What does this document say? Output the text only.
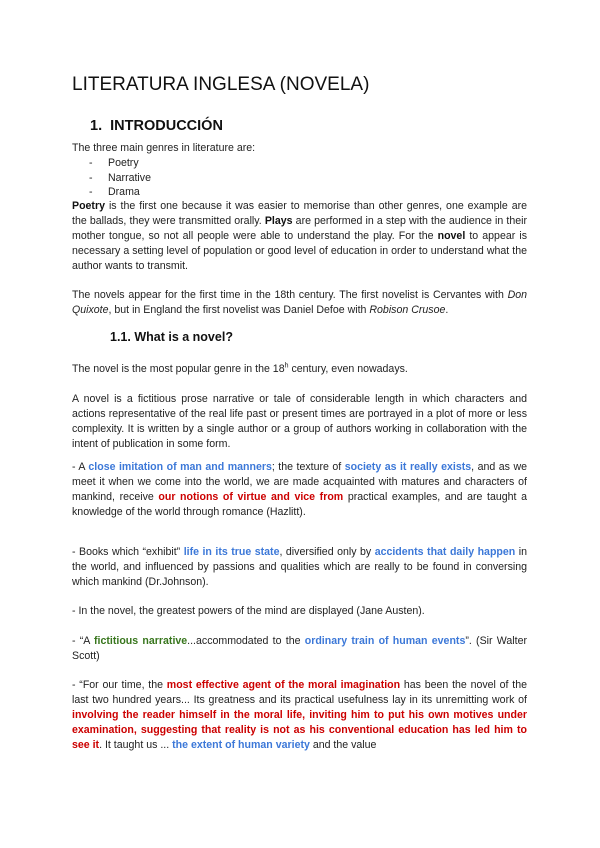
LITERATURA INGLESA (NOVELA)
1. INTRODUCCIÓN
The three main genres in literature are:
- Poetry
- Narrative
- Drama
Poetry is the first one because it was easier to memorise than other genres, one example are the ballads, they were transmitted orally. Plays are performed in a step with the audience in their mother tongue, so not all people were able to understand the play. For the novel to appear is necessary a setting level of population or good level of education in order to understand what the author wants to transmit.
The novels appear for the first time in the 18th century. The first novelist is Cervantes with Don Quixote, but in England the first novelist was Daniel Defoe with Robison Crusoe.
1.1. What is a novel?
The novel is the most popular genre in the 18$^h$ century, even nowadays.
A novel is a fictitious prose narrative or tale of considerable length in which characters and actions representative of the real life past or present times are portrayed in a plot of more or less complexity. It is written by a single author or a group of authors working in collaboration with the intent of publication in some form.
- A close imitation of man and manners; the texture of society as it really exists, and as we meet it when we come into the world, we are made acquainted with matures and characters of mankind, receive our notions of virtue and vice from practical examples, and are taught a knowledge of the world through romance (Hazlitt).
- Books which “exhibit” life in its true state, diversified only by accidents that daily happen in the world, and influenced by passions and qualities which are really to be found in conversing which mankind (Dr.Johnson).
- In the novel, the greatest powers of the mind are displayed (Jane Austen).
- “A fictitious narrative...accommodated to the ordinary train of human events”. (Sir Walter Scott)
- “For our time, the most effective agent of the moral imagination has been the novel of the last two hundred years... Its greatness and its practical usefulness lay in its unremitting work of involving the reader himself in the moral life, inviting him to put his own motives under examination, suggesting that reality is not as his conventional education has led him to see it. It taught us ... the extent of human variety and the value
